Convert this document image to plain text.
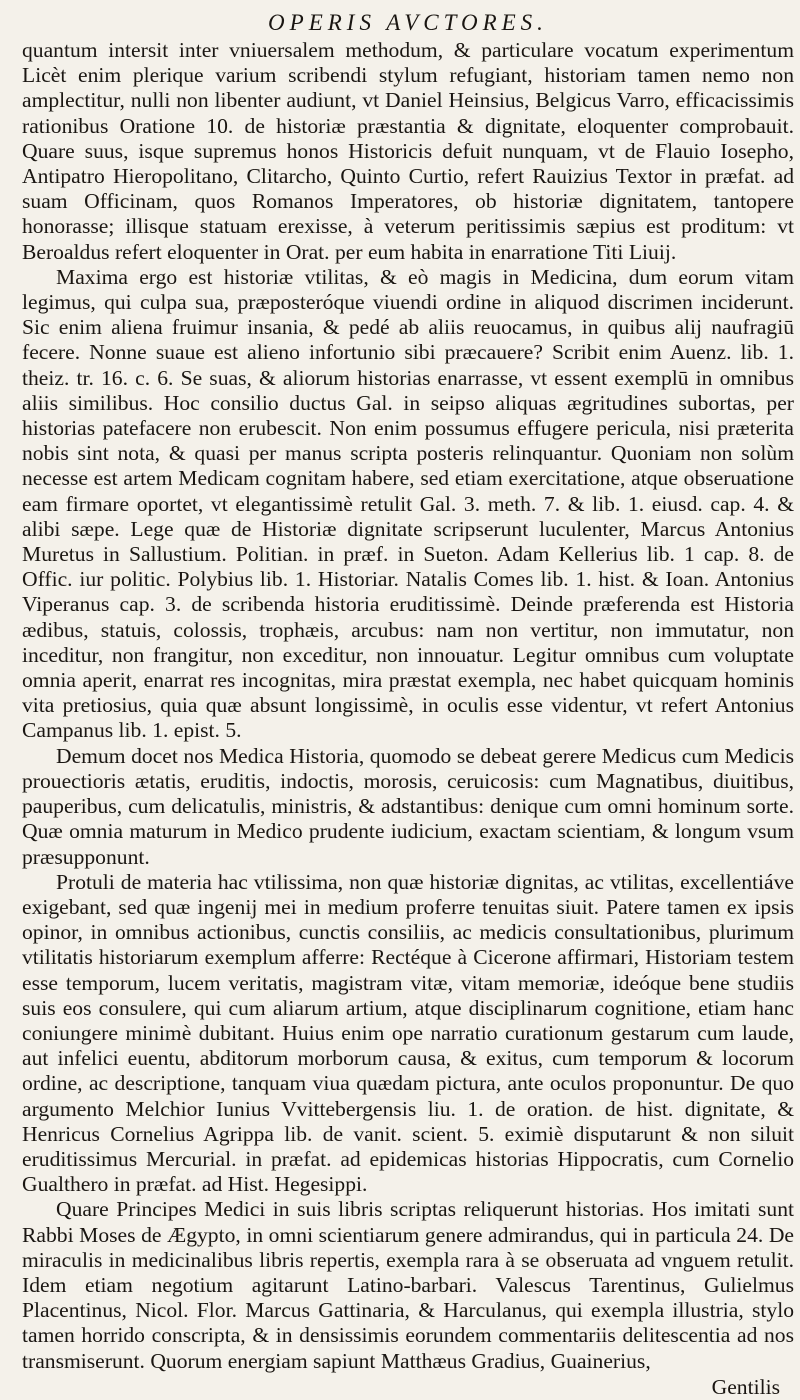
OPERIS AVCTORES.

quantum intersit inter vniuersalem methodum, & particulare vocatum experimentum Licèt enim plerique varium scribendi stylum refugiant, historiam tamen nemo non amplectitur, nulli non libenter audiunt, vt Daniel Heinsius, Belgicus Varro, efficacissimis rationibus Oratione 10. de historiæ præstantia & dignitate, eloquenter comprobauit. Quare suus, isque supremus honos Historicis defuit nunquam, vt de Flauio Iosepho, Antipatro Hieropolitano, Clitarcho, Quinto Curtio, refert Rauizius Textor in præfat. ad suam Officinam, quos Romanos Imperatores, ob historiæ dignitatem, tantopere honorasse; illisque statuam erexisse, à veterum peritissimis sæpius est proditum: vt Beroaldus refert eloquenter in Orat. per eum habita in enarratione Titi Liuij.

Maxima ergo est historiæ vtilitas, & eò magis in Medicina, dum eorum vitam legimus, qui culpa sua, præposteróque viuendi ordine in aliquod discrimen inciderunt. Sic enim aliena fruimur insania, & pedé ab aliis reuocamus, in quibus alij naufragiū fecere. Nonne suaue est alieno infortunio sibi præcauere? Scribit enim Auenz. lib. 1. theiz. tr. 16. c. 6. Se suas, & aliorum historias enarrasse, vt essent exemplū in omnibus aliis similibus. Hoc consilio ductus Gal. in seipso aliquas ægritudines subortas, per historias patefacere non erubescit. Non enim possumus effugere pericula, nisi præterita nobis sint nota, & quasi per manus scripta posteris relinquantur. Quoniam non solùm necesse est artem Medicam cognitam habere, sed etiam exercitatione, atque obseruatione eam firmare oportet, vt elegantissimè retulit Gal. 3. meth. 7. & lib. 1. eiusd. cap. 4. & alibi sæpe. Lege quæ de Historiæ dignitate scripserunt luculenter, Marcus Antonius Muretus in Sallustium. Politian. in præf. in Sueton. Adam Kellerius lib. 1 cap. 8. de Offic. iur politic. Polybius lib. 1. Historiar. Natalis Comes lib. 1. hist. & Ioan. Antonius Viperanus cap. 3. de scribenda historia eruditissimè. Deinde præferenda est Historia ædibus, statuis, colossis, trophæis, arcubus: nam non vertitur, non immutatur, non inceditur, non frangitur, non exceditur, non innouatur. Legitur omnibus cum voluptate omnia aperit, enarrat res incognitas, mira præstat exempla, nec habet quicquam hominis vita pretiosius, quia quæ absunt longissimè, in oculis esse videntur, vt refert Antonius Campanus lib. 1. epist. 5.

Demum docet nos Medica Historia, quomodo se debeat gerere Medicus cum Medicis prouectioris ætatis, eruditis, indoctis, morosis, ceruicosis: cum Magnatibus, diuitibus, pauperibus, cum delicatulis, ministris, & adstantibus: denique cum omni hominum sorte. Quæ omnia maturum in Medico prudente iudicium, exactam scientiam, & longum vsum præsupponunt.

Protuli de materia hac vtilissima, non quæ historiæ dignitas, ac vtilitas, excellentiáve exigebant, sed quæ ingenij mei in medium proferre tenuitas siuit. Patere tamen ex ipsis opinor, in omnibus actionibus, cunctis consiliis, ac medicis consultationibus, plurimum vtilitatis historiarum exemplum afferre: Rectéque à Cicerone affirmari, Historiam testem esse temporum, lucem veritatis, magistram vitæ, vitam memoriæ, ideóque bene studiis suis eos consulere, qui cum aliarum artium, atque disciplinarum cognitione, etiam hanc coniungere minimè dubitant. Huius enim ope narratio curationum gestarum cum laude, aut infelici euentu, abditorum morborum causa, & exitus, cum temporum & locorum ordine, ac descriptione, tanquam viua quædam pictura, ante oculos proponuntur. De quo argumento Melchior Iunius Vvittebergensis liu. 1. de oration. de hist. dignitate, & Henricus Cornelius Agrippa lib. de vanit. scient. 5. eximiè disputarunt & non siluit eruditissimus Mercurial. in præfat. ad epidemicas historias Hippocratis, cum Cornelio Gualthero in præfat. ad Hist. Hegesippi.

Quare Principes Medici in suis libris scriptas reliquerunt historias. Hos imitati sunt Rabbi Moses de Ægypto, in omni scientiarum genere admirandus, qui in particula 24. De miraculis in medicinalibus libris repertis, exempla rara à se obseruata ad vnguem retulit. Idem etiam negotium agitarunt Latino-barbari. Valescus Tarentinus, Gulielmus Placentinus, Nicol. Flor. Marcus Gattinaria, & Harculanus, qui exempla illustria, stylo tamen horrido conscripta, & in densissimis eorundem commentariis delitescentia ad nos transmiserunt. Quorum energiam sapiunt Matthæus Gradius, Guainerius,

Gentilis
